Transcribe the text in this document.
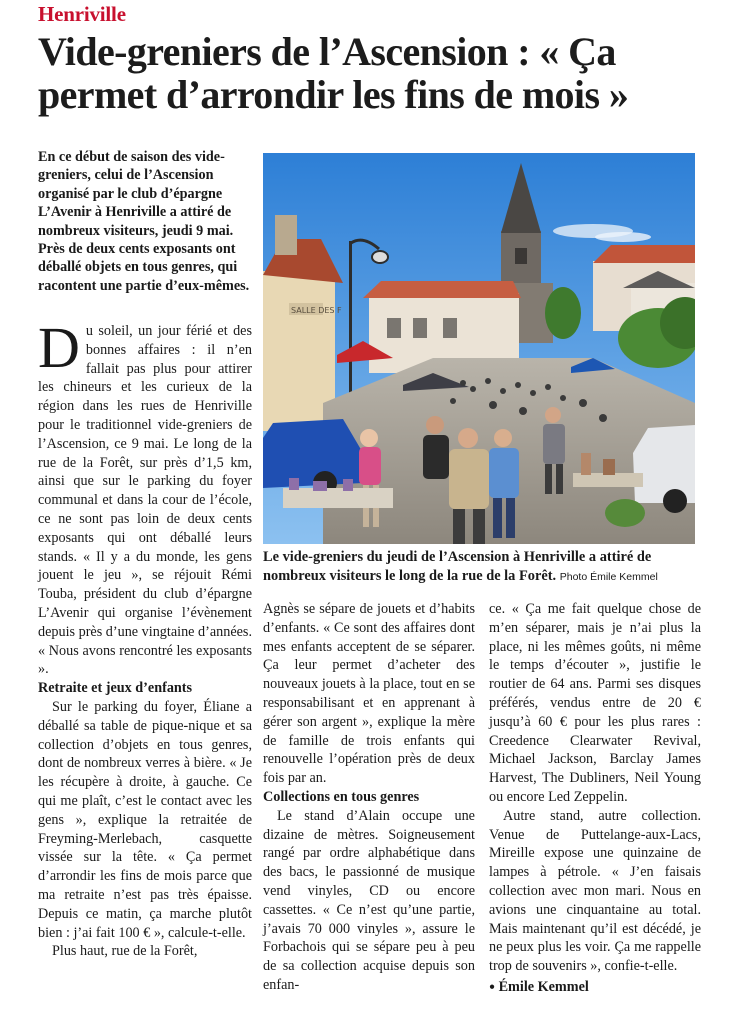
Henriville
Vide-greniers de l’Ascension : « Ça permet d’arrondir les fins de mois »
En ce début de saison des vide-greniers, celui de l’Ascension organisé par le club d’épargne L’Avenir à Henriville a attiré de nombreux visiteurs, jeudi 9 mai. Près de deux cents exposants ont déballé objets en tous genres, qui racontent une partie d’eux-mêmes.
SALLE DES F
Le vide-greniers du jeudi de l’Ascension à Henriville a attiré de nombreux visiteurs le long de la rue de la Forêt. Photo Émile Kemmel

Du soleil, un jour férié et des bonnes affaires : il n’en fallait pas plus pour attirer les chineurs et les curieux de la région dans les rues de Henriville pour le traditionnel vide-greniers de l’Ascension, ce 9 mai. Le long de la rue de la Forêt, sur près d’1,5 km, ainsi que sur le parking du foyer communal et dans la cour de l’école, ce ne sont pas loin de deux cents exposants qui ont déballé leurs stands. « Il y a du monde, les gens jouent le jeu », se réjouit Rémi Touba, président du club d’épargne L’Avenir qui organise l’évènement depuis près d’une vingtaine d’années. « Nous avons rencontré les exposants ».

Retraite et jeux d’enfants

Sur le parking du foyer, Éliane a déballé sa table de pique-nique et sa collection d’objets en tous genres, dont de nombreux verres à bière. « Je les récupère à droite, à gauche. Ce qui me plaît, c’est le contact avec les gens », explique la retraitée de Freyming-Merlebach, casquette vissée sur la tête. « Ça permet d’arrondir les fins de mois parce que ma retraite n’est pas très épaisse. Depuis ce matin, ça marche plutôt bien : j’ai fait 100 € », calcule-t-elle.

Plus haut, rue de la Forêt,

Agnès se sépare de jouets et d’habits d’enfants. « Ce sont des affaires dont mes enfants acceptent de se séparer. Ça leur permet d’acheter des nouveaux jouets à la place, tout en se responsabilisant et en apprenant à gérer son argent », explique la mère de famille de trois enfants qui renouvelle l’opération près de deux fois par an.

Collections en tous genres

Le stand d’Alain occupe une dizaine de mètres. Soigneusement rangé par ordre alphabétique dans des bacs, le passionné de musique vend vinyles, CD ou encore cassettes. « Ce n’est qu’une partie, j’avais 70 000 vinyles », assure le Forbachois qui se sépare peu à peu de sa collection acquise depuis son enfan-

ce. « Ça me fait quelque chose de m’en séparer, mais je n’ai plus la place, ni les mêmes goûts, ni même le temps d’écouter », justifie le routier de 64 ans. Parmi ses disques préférés, vendus entre de 20 € jusqu’à 60 € pour les plus rares : Creedence Clearwater Revival, Michael Jackson, Barclay James Harvest, The Dubliners, Neil Young ou encore Led Zeppelin.

Autre stand, autre collection. Venue de Puttelange-aux-Lacs, Mireille expose une quinzaine de lampes à pétrole. « J’en faisais collection avec mon mari. Nous en avions une cinquantaine au total. Mais maintenant qu’il est décédé, je ne peux plus les voir. Ça me rappelle trop de souvenirs », confie-t-elle.

● Émile Kemmel
